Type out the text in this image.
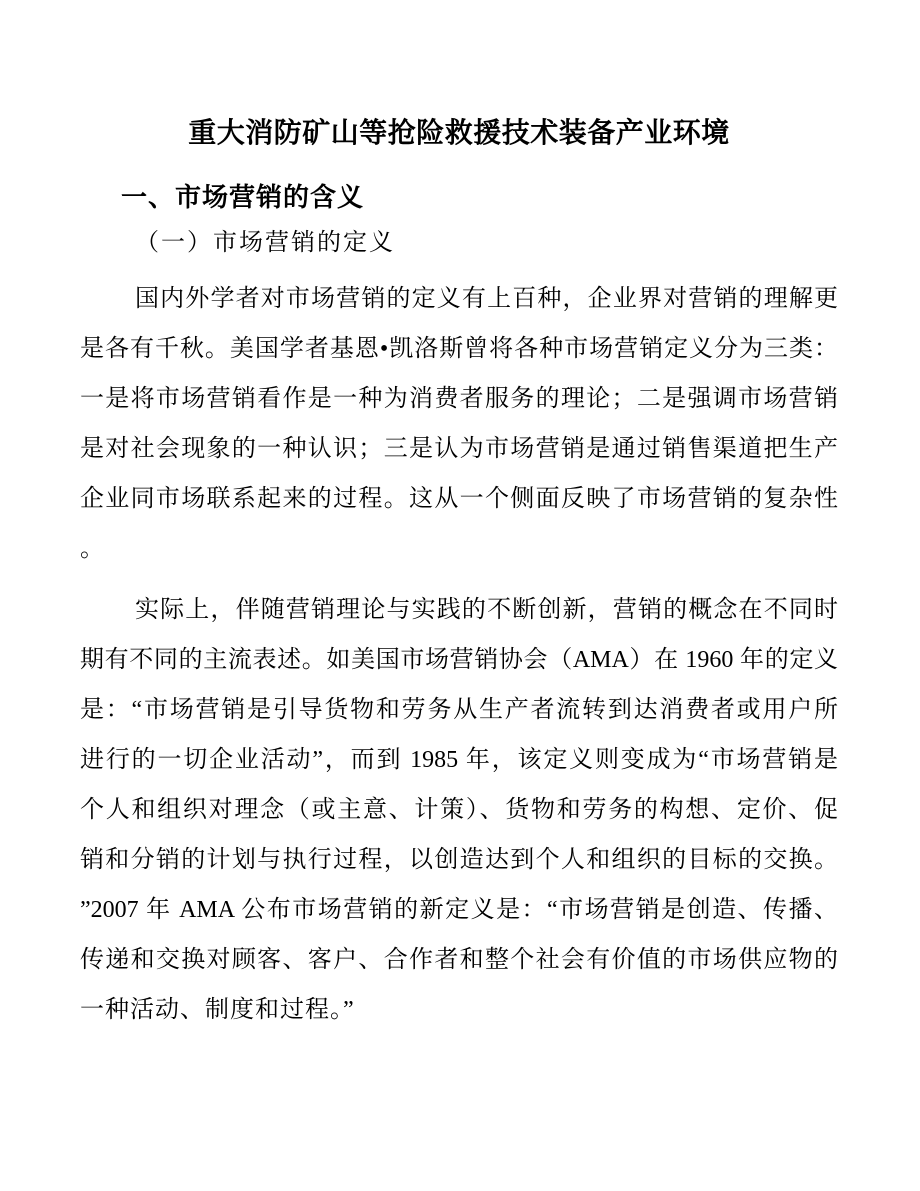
重大消防矿山等抢险救援技术装备产业环境
一、市场营销的含义
（一）市场营销的定义
国内外学者对市场营销的定义有上百种，企业界对营销的理解更
是各有千秋。美国学者基恩•凯洛斯曾将各种市场营销定义分为三类：
一是将市场营销看作是一种为消费者服务的理论；二是强调市场营销
是对社会现象的一种认识；三是认为市场营销是通过销售渠道把生产
企业同市场联系起来的过程。这从一个侧面反映了市场营销的复杂性
。
实际上，伴随营销理论与实践的不断创新，营销的概念在不同时
期有不同的主流表述。如美国市场营销协会（AMA）在 1960 年的定义
是：“市场营销是引导货物和劳务从生产者流转到达消费者或用户所
进行的一切企业活动”，而到 1985 年，该定义则变成为“市场营销是
个人和组织对理念（或主意、计策）、货物和劳务的构想、定价、促
销和分销的计划与执行过程，以创造达到个人和组织的目标的交换。
”2007 年 AMA 公布市场营销的新定义是：“市场营销是创造、传播、
传递和交换对顾客、客户、合作者和整个社会有价值的市场供应物的
一种活动、制度和过程。”
